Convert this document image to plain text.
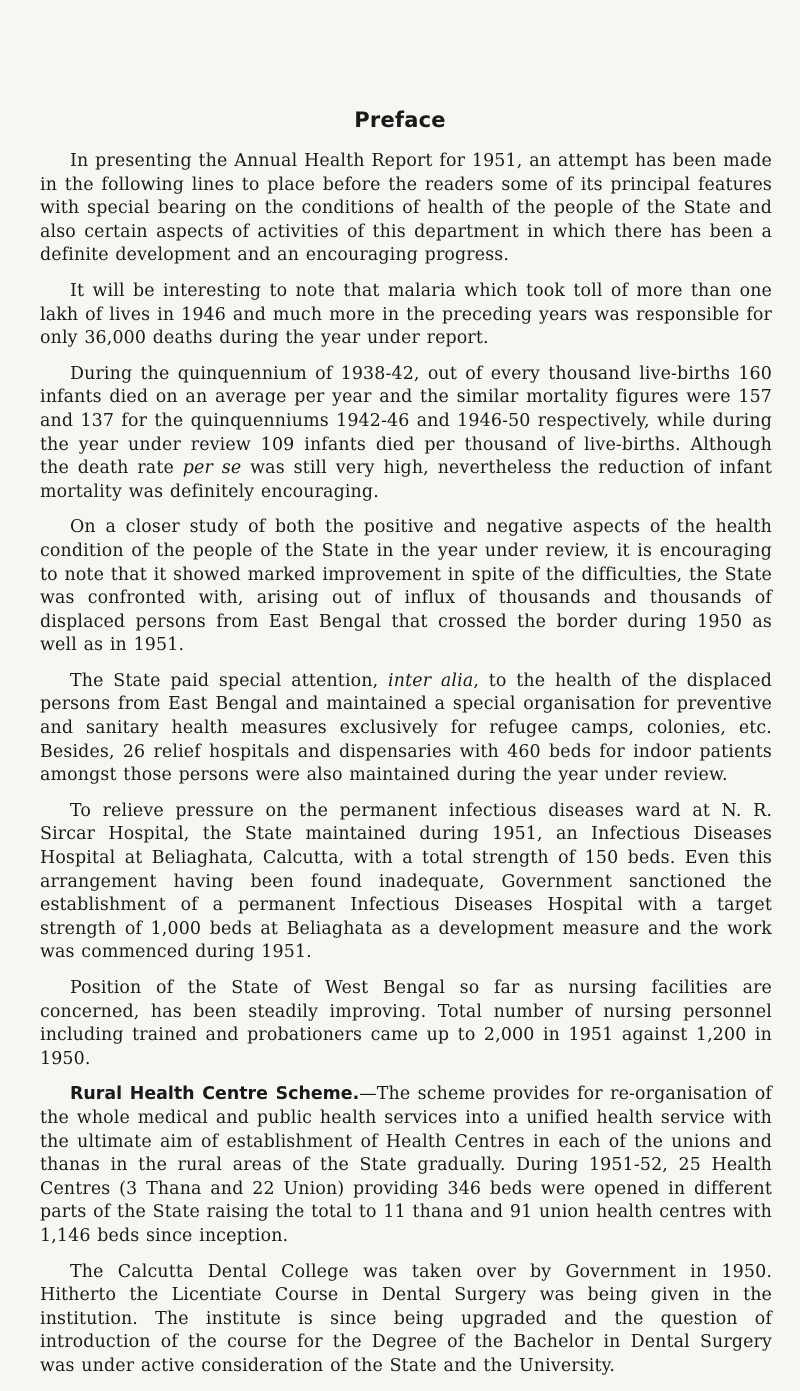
Preface

In presenting the Annual Health Report for 1951, an attempt has been made in the following lines to place before the readers some of its principal features with special bearing on the conditions of health of the people of the State and also certain aspects of activities of this department in which there has been a definite development and an encouraging progress.

It will be interesting to note that malaria which took toll of more than one lakh of lives in 1946 and much more in the preceding years was responsible for only 36,000 deaths during the year under report.

During the quinquennium of 1938-42, out of every thousand live-births 160 infants died on an average per year and the similar mortality figures were 157 and 137 for the quinquenniums 1942-46 and 1946-50 respectively, while during the year under review 109 infants died per thousand of live-births. Although the death rate per se was still very high, nevertheless the reduction of infant mortality was definitely encouraging.

On a closer study of both the positive and negative aspects of the health condition of the people of the State in the year under review, it is encouraging to note that it showed marked improvement in spite of the difficulties, the State was confronted with, arising out of influx of thousands and thousands of displaced persons from East Bengal that crossed the border during 1950 as well as in 1951.

The State paid special attention, inter alia, to the health of the displaced persons from East Bengal and maintained a special organisation for preventive and sanitary health measures exclusively for refugee camps, colonies, etc. Besides, 26 relief hospitals and dispensaries with 460 beds for indoor patients amongst those persons were also maintained during the year under review.

To relieve pressure on the permanent infectious diseases ward at N. R. Sircar Hospital, the State maintained during 1951, an Infectious Diseases Hospital at Beliaghata, Calcutta, with a total strength of 150 beds. Even this arrangement having been found inadequate, Government sanctioned the establishment of a permanent Infectious Diseases Hospital with a target strength of 1,000 beds at Beliaghata as a development measure and the work was commenced during 1951.

Position of the State of West Bengal so far as nursing facilities are concerned, has been steadily improving. Total number of nursing personnel including trained and probationers came up to 2,000 in 1951 against 1,200 in 1950.

Rural Health Centre Scheme.—The scheme provides for re-organisation of the whole medical and public health services into a unified health service with the ultimate aim of establishment of Health Centres in each of the unions and thanas in the rural areas of the State gradually. During 1951-52, 25 Health Centres (3 Thana and 22 Union) providing 346 beds were opened in different parts of the State raising the total to 11 thana and 91 union health centres with 1,146 beds since inception.

The Calcutta Dental College was taken over by Government in 1950. Hitherto the Licentiate Course in Dental Surgery was being given in the institution. The institute is since being upgraded and the question of introduction of the course for the Degree of the Bachelor in Dental Surgery was under active consideration of the State and the University.
